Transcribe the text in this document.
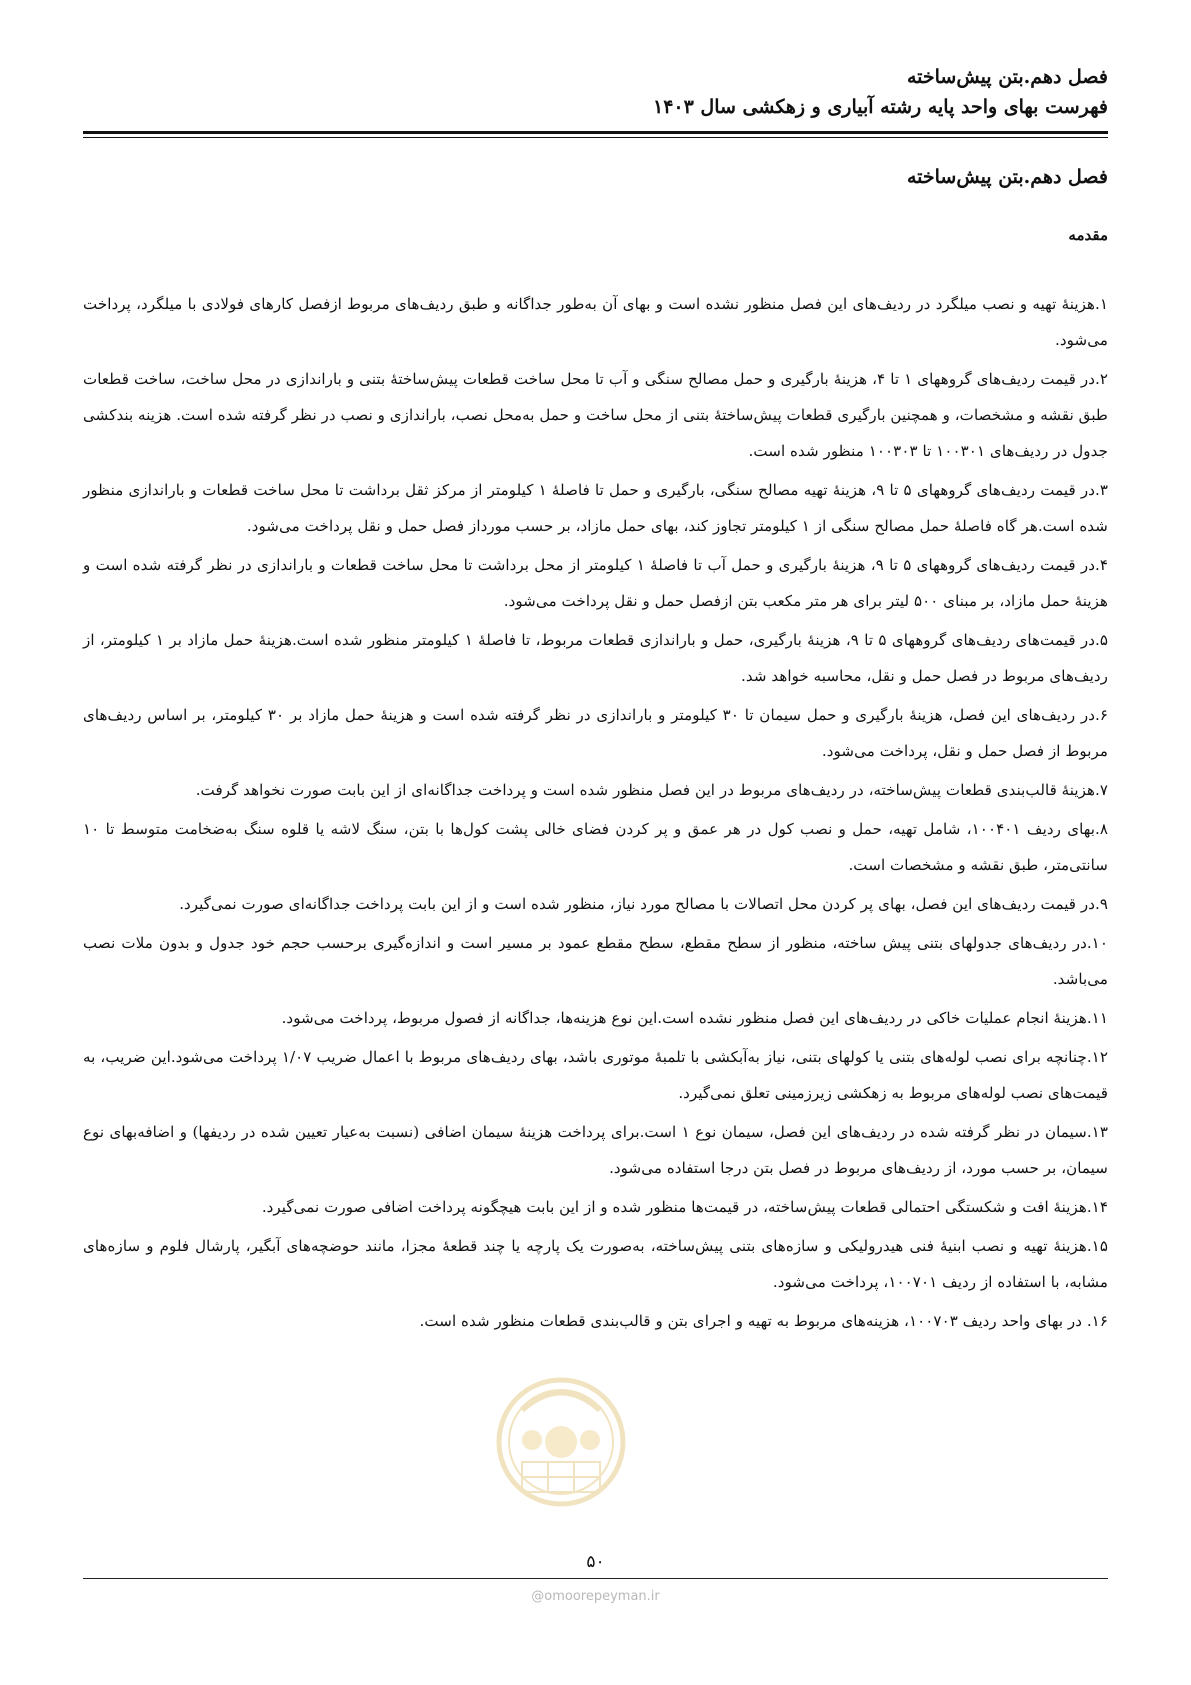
فصل دهم.بتن پیش‌ساخته
فهرست بهای واحد پایه رشته آبیاری و زهکشی سال ۱۴۰۳
فصل دهم.بتن پیش‌ساخته
مقدمه

۱.هزینهٔ تهیه و نصب میلگرد در ردیف‌های این فصل منظور نشده است و بهای آن به‌طور جداگانه و طبق ردیف‌های مربوط ازفصل کارهای فولادی با میلگرد، پرداخت می‌شود.

۲.در قیمت ردیف‌های گروههای ۱ تا ۴، هزینهٔ بارگیری و حمل مصالح سنگی و آب تا محل ساخت قطعات پیش‌ساختهٔ بتنی و باراندازی در محل ساخت، ساخت قطعات طبق نقشه و مشخصات، و همچنین بارگیری قطعات پیش‌ساختهٔ بتنی از محل ساخت و حمل به‌محل نصب، باراندازی و نصب در نظر گرفته شده است. هزینه بندکشی جدول در ردیف‌های ۱۰۰۳۰۱ تا ۱۰۰۳۰۳ منظور شده است.

۳.در قیمت ردیف‌های گروههای ۵ تا ۹، هزینهٔ تهیه مصالح سنگی، بارگیری و حمل تا فاصلهٔ ۱ کیلومتر از مرکز ثقل برداشت تا محل ساخت قطعات و باراندازی منظور شده است.هر گاه فاصلهٔ حمل مصالح سنگی از ۱ کیلومتر تجاوز کند، بهای حمل مازاد، بر حسب مورداز فصل حمل و نقل پرداخت می‌شود.

۴.در قیمت ردیف‌های گروههای ۵ تا ۹، هزینهٔ بارگیری و حمل آب تا فاصلهٔ ۱ کیلومتر از محل برداشت تا محل ساخت قطعات و باراندازی در نظر گرفته شده است و هزینهٔ حمل مازاد، بر مبنای ۵۰۰ لیتر برای هر متر مکعب بتن ازفصل حمل و نقل پرداخت می‌شود.

۵.در قیمت‌های ردیف‌های گروههای ۵ تا ۹، هزینهٔ بارگیری، حمل و باراندازی قطعات مربوط، تا فاصلهٔ ۱ کیلومتر منظور شده است.هزینهٔ حمل مازاد بر ۱ کیلومتر، از ردیف‌های مربوط در فصل حمل و نقل، محاسبه خواهد شد.

۶.در ردیف‌های این فصل، هزینهٔ بارگیری و حمل سیمان تا ۳۰ کیلومتر و باراندازی در نظر گرفته شده است و هزینهٔ حمل مازاد بر ۳۰ کیلومتر، بر اساس ردیف‌های مربوط از فصل حمل و نقل، پرداخت می‌شود.

۷.هزینهٔ قالب‌بندی قطعات پیش‌ساخته، در ردیف‌های مربوط در این فصل منظور شده است و پرداخت جداگانه‌ای از این بابت صورت نخواهد گرفت.

۸.بهای ردیف ۱۰۰۴۰۱، شامل تهیه، حمل و نصب کول در هر عمق و پر کردن فضای خالی پشت کول‌ها با بتن، سنگ لاشه یا قلوه سنگ به‌ضخامت متوسط تا ۱۰ سانتی‌متر، طبق نقشه و مشخصات است.

۹.در قیمت ردیف‌های این فصل، بهای پر کردن محل اتصالات با مصالح مورد نیاز، منظور شده است و از این بابت پرداخت جداگانه‌ای صورت نمی‌گیرد.

۱۰.در ردیف‌های جدولهای بتنی پیش ساخته، منظور از سطح مقطع، سطح مقطع عمود بر مسیر است و اندازه‌گیری برحسب حجم خود جدول و بدون ملات نصب می‌باشد.

۱۱.هزینهٔ انجام عملیات خاکی در ردیف‌های این فصل منظور نشده است.این نوع هزینه‌ها، جداگانه از فصول مربوط، پرداخت می‌شود.

۱۲.چنانچه برای نصب لوله‌های بتنی یا کولهای بتنی، نیاز به‌آبکشی با تلمبهٔ موتوری باشد، بهای ردیف‌های مربوط با اعمال ضریب ۱/۰۷ پرداخت می‌شود.این ضریب، به قیمت‌های نصب لوله‌های مربوط به زهکشی زیرزمینی تعلق نمی‌گیرد.

۱۳.سیمان در نظر گرفته شده در ردیف‌های این فصل، سیمان نوع ۱ است.برای پرداخت هزینهٔ سیمان اضافی (نسبت به‌عیار تعیین شده در ردیفها) و اضافه‌بهای نوع سیمان، بر حسب مورد، از ردیف‌های مربوط در فصل بتن درجا استفاده می‌شود.

۱۴.هزینهٔ افت و شکستگی احتمالی قطعات پیش‌ساخته، در قیمت‌ها منظور شده و از این بابت هیچگونه پرداخت اضافی صورت نمی‌گیرد.

۱۵.هزینهٔ تهیه و نصب ابنیهٔ فنی هیدرولیکی و سازه‌های بتنی پیش‌ساخته، به‌صورت یک پارچه یا چند قطعهٔ مجزا، مانند حوضچه‌های آبگیر، پارشال فلوم و سازه‌های مشابه، با استفاده از ردیف ۱۰۰۷۰۱، پرداخت می‌شود.

۱۶. در بهای واحد ردیف ۱۰۰۷۰۳، هزینه‌های مربوط به تهیه و اجرای بتن و قالب‌بندی قطعات منظور شده است.

۵۰
@omoorepeyman.ir
